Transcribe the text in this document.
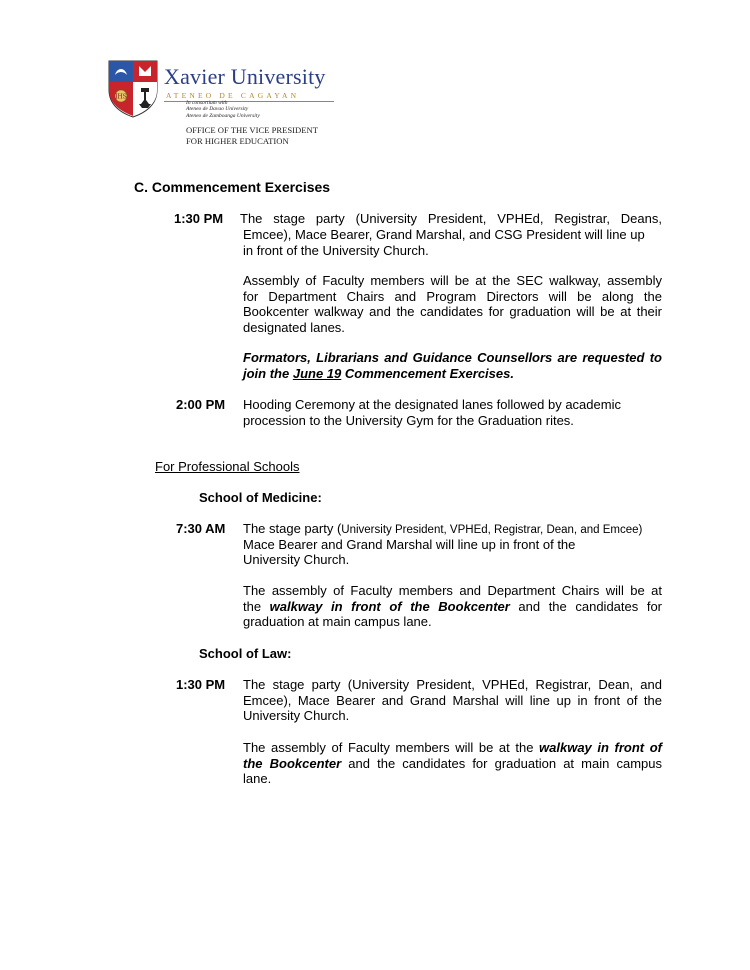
IHS
Xavier University
ATENEO DE CAGAYAN
In consortium with
Ateneo de Davao University
Ateneo de Zamboanga University
OFFICE OF THE VICE PRESIDENT
FOR HIGHER EDUCATION
C. Commencement Exercises
1:30 PM The stage party (University President, VPHEd, Registrar, Deans,
Emcee), Mace Bearer, Grand Marshal, and CSG President will line up
in front of the University Church.
Assembly of Faculty members will be at the SEC walkway, assembly
for Department Chairs and Program Directors will be along the
Bookcenter walkway and the candidates for graduation will be at their
designated lanes.
Formators, Librarians and Guidance Counsellors are requested to
join the June 19 Commencement Exercises.
2:00 PM Hooding Ceremony at the designated lanes followed by academic
procession to the University Gym for the Graduation rites.
For Professional Schools
School of Medicine:
7:30 AM The stage party (University President, VPHEd, Registrar, Dean, and Emcee)
Mace Bearer and Grand Marshal will line up in front of the
University Church.
The assembly of Faculty members and Department Chairs will be at
the walkway in front of the Bookcenter and the candidates for
graduation at main campus lane.
School of Law:
1:30 PM The stage party (University President, VPHEd, Registrar, Dean, and
Emcee), Mace Bearer and Grand Marshal will line up in front of the
University Church.
The assembly of Faculty members will be at the walkway in front of
the Bookcenter and the candidates for graduation at main campus
lane.
